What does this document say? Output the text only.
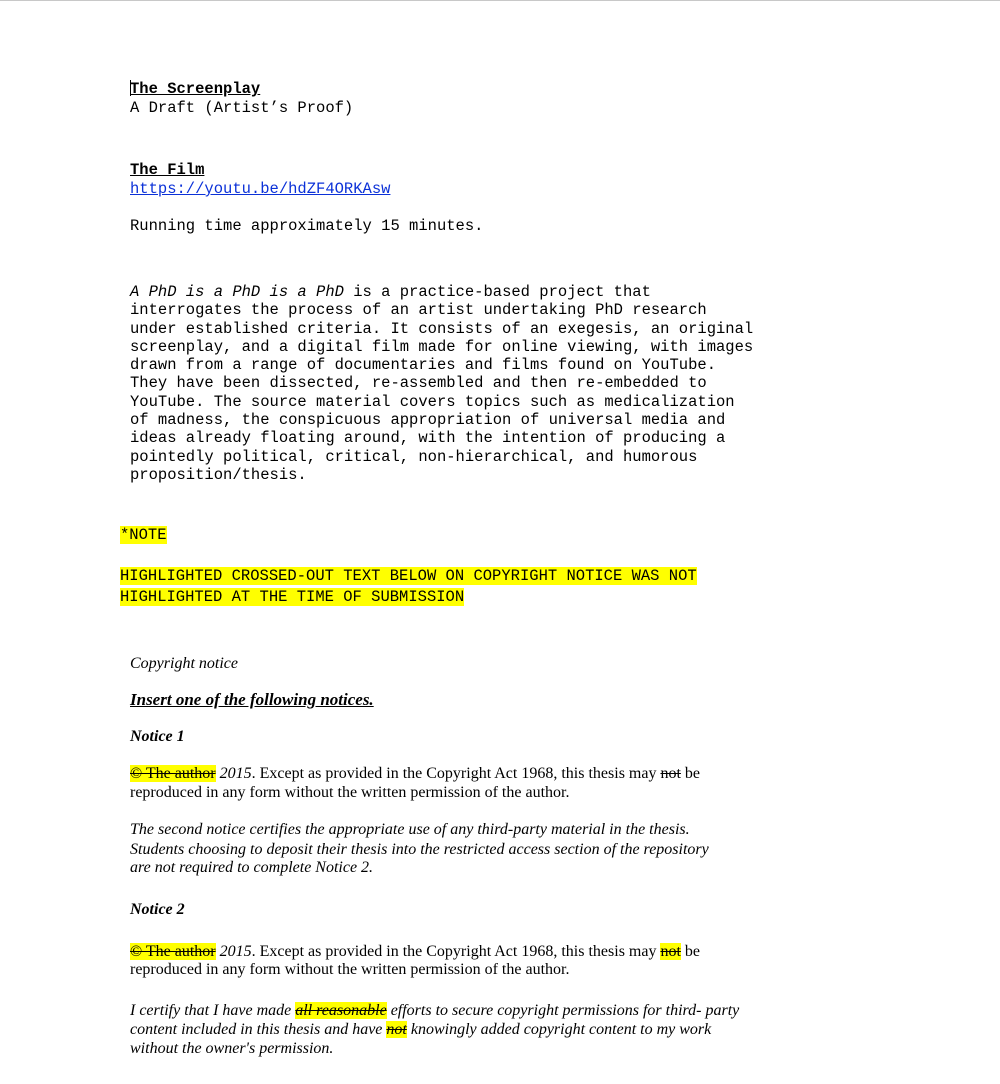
The Screenplay
A Draft (Artist’s Proof)
The Film
https://youtu.be/hdZF4ORKAsw
Running time approximately 15 minutes.
A PhD is a PhD is a PhD is a practice-based project that
interrogates the process of an artist undertaking PhD research
under established criteria. It consists of an exegesis, an original
screenplay, and a digital film made for online viewing, with images
drawn from a range of documentaries and films found on YouTube.
They have been dissected, re-assembled and then re-embedded to
YouTube. The source material covers topics such as medicalization
of madness, the conspicuous appropriation of universal media and
ideas already floating around, with the intention of producing a
pointedly political, critical, non-hierarchical, and humorous
proposition/thesis.
*NOTE
HIGHLIGHTED CROSSED-OUT TEXT BELOW ON COPYRIGHT NOTICE WAS NOT
HIGHLIGHTED AT THE TIME OF SUBMISSION
Copyright notice
Insert one of the following notices.
Notice 1
© The author 2015. Except as provided in the Copyright Act 1968, this thesis may not be
reproduced in any form without the written permission of the author.
The second notice certifies the appropriate use of any third-party material in the thesis.
Students choosing to deposit their thesis into the restricted access section of the repository
are not required to complete Notice 2.
Notice 2
© The author 2015. Except as provided in the Copyright Act 1968, this thesis may not be
reproduced in any form without the written permission of the author.
I certify that I have made all reasonable efforts to secure copyright permissions for third- party
content included in this thesis and have not knowingly added copyright content to my work
without the owner's permission.
